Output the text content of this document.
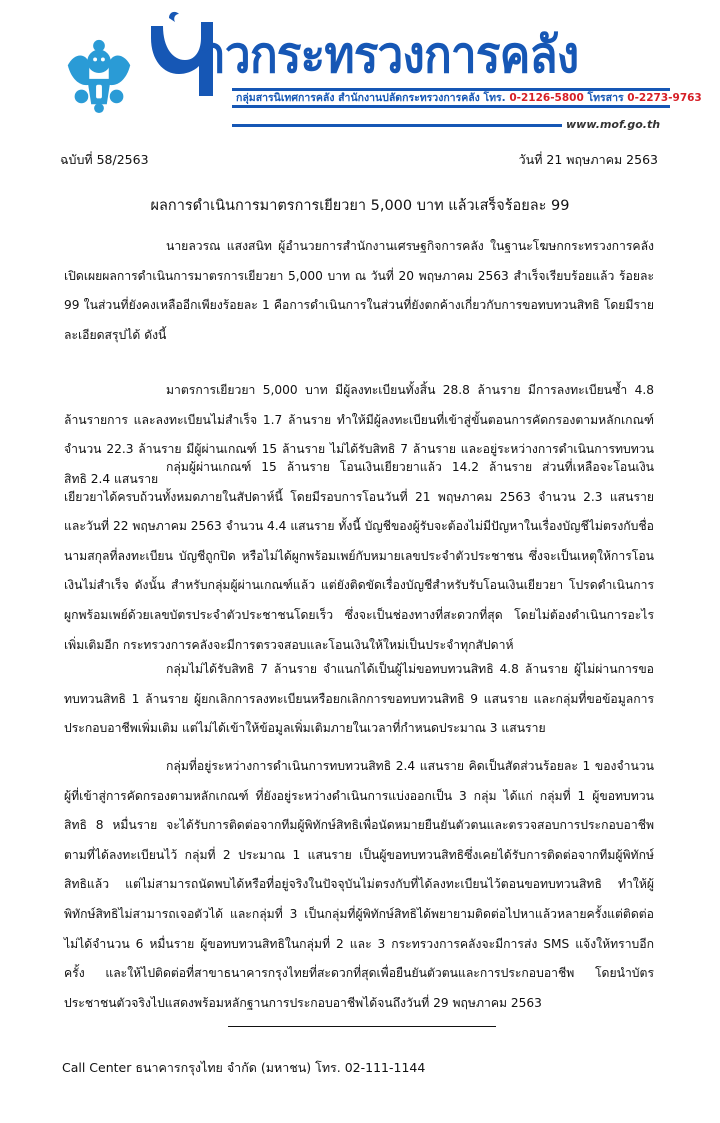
าวกระทรวงการคลัง
กลุ่มสารนิเทศการคลัง สำนักงานปลัดกระทรวงการคลัง โทร. 0-2126-5800 โทรสาร 0-2273-9763
www.mof.go.th
ฉบับที่ 58/2563	วันที่ 21 พฤษภาคม 2563
ผลการดำเนินการมาตรการเยียวยา 5,000 บาท แล้วเสร็จร้อยละ 99

นายลวรณ แสงสนิท ผู้อำนวยการสำนักงานเศรษฐกิจการคลัง ในฐานะโฆษกกระทรวงการคลัง เปิดเผยผลการดำเนินการมาตรการเยียวยา 5,000 บาท ณ วันที่ 20 พฤษภาคม 2563 สำเร็จเรียบร้อยแล้ว ร้อยละ 99 ในส่วนที่ยังคงเหลืออีกเพียงร้อยละ 1 คือการดำเนินการในส่วนที่ยังตกค้างเกี่ยวกับการขอทบทวนสิทธิ โดยมีรายละเอียดสรุปได้ ดังนี้

มาตรการเยียวยา 5,000 บาท มีผู้ลงทะเบียนทั้งสิ้น 28.8 ล้านราย มีการลงทะเบียนซ้ำ 4.8 ล้านรายการ และลงทะเบียนไม่สำเร็จ 1.7 ล้านราย ทำให้มีผู้ลงทะเบียนที่เข้าสู่ขั้นตอนการคัดกรองตามหลักเกณฑ์จำนวน 22.3 ล้านราย มีผู้ผ่านเกณฑ์ 15 ล้านราย ไม่ได้รับสิทธิ 7 ล้านราย และอยู่ระหว่างการดำเนินการทบทวนสิทธิ 2.4 แสนราย

กลุ่มผู้ผ่านเกณฑ์ 15 ล้านราย โอนเงินเยียวยาแล้ว 14.2 ล้านราย ส่วนที่เหลือจะโอนเงินเยียวยาได้ครบถ้วนทั้งหมดภายในสัปดาห์นี้ โดยมีรอบการโอนวันที่ 21 พฤษภาคม 2563 จำนวน 2.3 แสนราย และวันที่ 22 พฤษภาคม 2563 จำนวน 4.4 แสนราย ทั้งนี้ บัญชีของผู้รับจะต้องไม่มีปัญหาในเรื่องบัญชีไม่ตรงกับชื่อนามสกุลที่ลงทะเบียน บัญชีถูกปิด หรือไม่ได้ผูกพร้อมเพย์กับหมายเลขประจำตัวประชาชน ซึ่งจะเป็นเหตุให้การโอนเงินไม่สำเร็จ ดังนั้น สำหรับกลุ่มผู้ผ่านเกณฑ์แล้ว แต่ยังติดขัดเรื่องบัญชีสำหรับรับโอนเงินเยียวยา โปรดดำเนินการผูกพร้อมเพย์ด้วยเลขบัตรประจำตัวประชาชนโดยเร็ว ซึ่งจะเป็นช่องทางที่สะดวกที่สุด โดยไม่ต้องดำเนินการอะไรเพิ่มเติมอีก กระทรวงการคลังจะมีการตรวจสอบและโอนเงินให้ใหม่เป็นประจำทุกสัปดาห์

กลุ่มไม่ได้รับสิทธิ 7 ล้านราย จำแนกได้เป็นผู้ไม่ขอทบทวนสิทธิ 4.8 ล้านราย ผู้ไม่ผ่านการขอทบทวนสิทธิ 1 ล้านราย ผู้ยกเลิกการลงทะเบียนหรือยกเลิกการขอทบทวนสิทธิ 9 แสนราย และกลุ่มที่ขอข้อมูลการประกอบอาชีพเพิ่มเติม แต่ไม่ได้เข้าให้ข้อมูลเพิ่มเติมภายในเวลาที่กำหนดประมาณ 3 แสนราย

กลุ่มที่อยู่ระหว่างการดำเนินการทบทวนสิทธิ 2.4 แสนราย คิดเป็นสัดส่วนร้อยละ 1 ของจำนวนผู้ที่เข้าสู่การคัดกรองตามหลักเกณฑ์ ที่ยังอยู่ระหว่างดำเนินการแบ่งออกเป็น 3 กลุ่ม ได้แก่ กลุ่มที่ 1 ผู้ขอทบทวนสิทธิ 8 หมื่นราย จะได้รับการติดต่อจากทีมผู้พิทักษ์สิทธิเพื่อนัดหมายยืนยันตัวตนและตรวจสอบการประกอบอาชีพตามที่ได้ลงทะเบียนไว้ กลุ่มที่ 2 ประมาณ 1 แสนราย เป็นผู้ขอทบทวนสิทธิซึ่งเคยได้รับการติดต่อจากทีมผู้พิทักษ์สิทธิแล้ว แต่ไม่สามารถนัดพบได้หรือที่อยู่จริงในปัจจุบันไม่ตรงกับที่ได้ลงทะเบียนไว้ตอนขอทบทวนสิทธิ ทำให้ผู้พิทักษ์สิทธิไม่สามารถเจอตัวได้ และกลุ่มที่ 3 เป็นกลุ่มที่ผู้พิทักษ์สิทธิได้พยายามติดต่อไปหาแล้วหลายครั้งแต่ติดต่อไม่ได้จำนวน 6 หมื่นราย ผู้ขอทบทวนสิทธิในกลุ่มที่ 2 และ 3 กระทรวงการคลังจะมีการส่ง SMS แจ้งให้ทราบอีกครั้ง และให้ไปติดต่อที่สาขาธนาคารกรุงไทยที่สะดวกที่สุดเพื่อยืนยันตัวตนและการประกอบอาชีพ โดยนำบัตรประชาชนตัวจริงไปแสดงพร้อมหลักฐานการประกอบอาชีพได้จนถึงวันที่ 29 พฤษภาคม 2563

Call Center ธนาคารกรุงไทย จำกัด (มหาชน) โทร. 02-111-1144
